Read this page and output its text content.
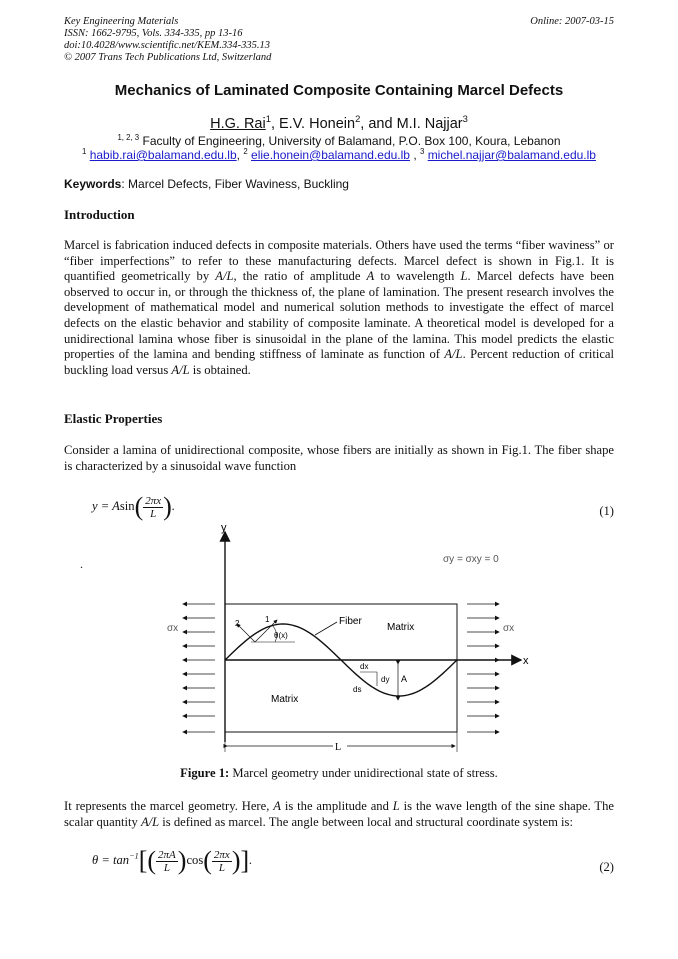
Key Engineering Materials
ISSN: 1662-9795, Vols. 334-335, pp 13-16
doi:10.4028/www.scientific.net/KEM.334-335.13
© 2007 Trans Tech Publications Ltd, Switzerland
Online: 2007-03-15
Mechanics of Laminated Composite Containing Marcel Defects
H.G. Rai$^1$, E.V. Honein$^2$, and M.I. Najjar$^3$
$^{1, 2, 3}$ Faculty of Engineering, University of Balamand, P.O. Box 100, Koura, Lebanon
$^1$ habib.rai@balamand.edu.lb, $^2$ elie.honein@balamand.edu.lb , $^3$ michel.najjar@balamand.edu.lb
Keywords: Marcel Defects, Fiber Waviness, Buckling
Introduction
Marcel is fabrication induced defects in composite materials. Others have used the terms “fiber waviness” or “fiber imperfections” to refer to these manufacturing defects. Marcel defect is shown in Fig.1. It is quantified geometrically by A/L, the ratio of amplitude A to wavelength L. Marcel defects have been observed to occur in, or through the thickness of, the plane of lamination. The present research involves the development of mathematical model and numerical solution methods to investigate the effect of marcel defects on the elastic behavior and stability of composite laminate. A theoretical model is developed for a unidirectional lamina whose fiber is sinusoidal in the plane of the lamina. This model predicts the elastic properties of the lamina and bending stiffness of laminate as function of A/L. Percent reduction of critical buckling load versus A/L is obtained.
Elastic Properties
Consider a lamina of unidirectional composite, whose fibers are initially as shown in Fig.1. The fiber shape is characterized by a sinusoidal wave function
$y = Asin( \frac{2\pi x}{L}$ ).	(1)
.
x
y
σx	σx
σy = σxy = 0
Fiber
Matrix
Matrix
2	1
θ(x)
dx
dy
ds
A
L
Figure 1: Marcel geometry under unidirectional state of stress.
It represents the marcel geometry. Here, A is the amplitude and L is the wave length of the sine shape. The scalar quantity A/L is defined as marcel. The angle between local and structural coordinate system is:
$\theta = \tan^{-1}[( \frac{2\pi A}{L} )\cos( \frac{2\pi x}{L}$ )].
(2)
